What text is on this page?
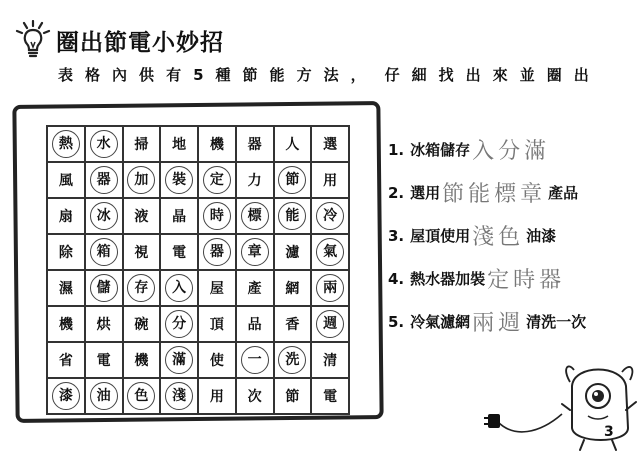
圈出節電小妙招
表 格 內 供 有 5 種 節 能 方 法 ， 仔 細 找 出 來 並 圈 出
熱	水	掃	地	機	器	人	選
風	器	加	裝	定	力	節	用
扇	冰	液	晶	時	標	能	冷
除	箱	視	電	器	章	濾	氣
濕	儲	存	入	屋	產	網	兩
機	烘	碗	分	頂	品	香	週
省	電	機	滿	使	一	洗	清
漆	油	色	淺	用	次	節	電
1. 冰箱儲存 入分滿
2. 選用 節能標章 產品
3. 屋頂使用 淺色 油漆
4. 熱水器加裝 定時器
5. 冷氣濾網 兩週 清洗一次
3
